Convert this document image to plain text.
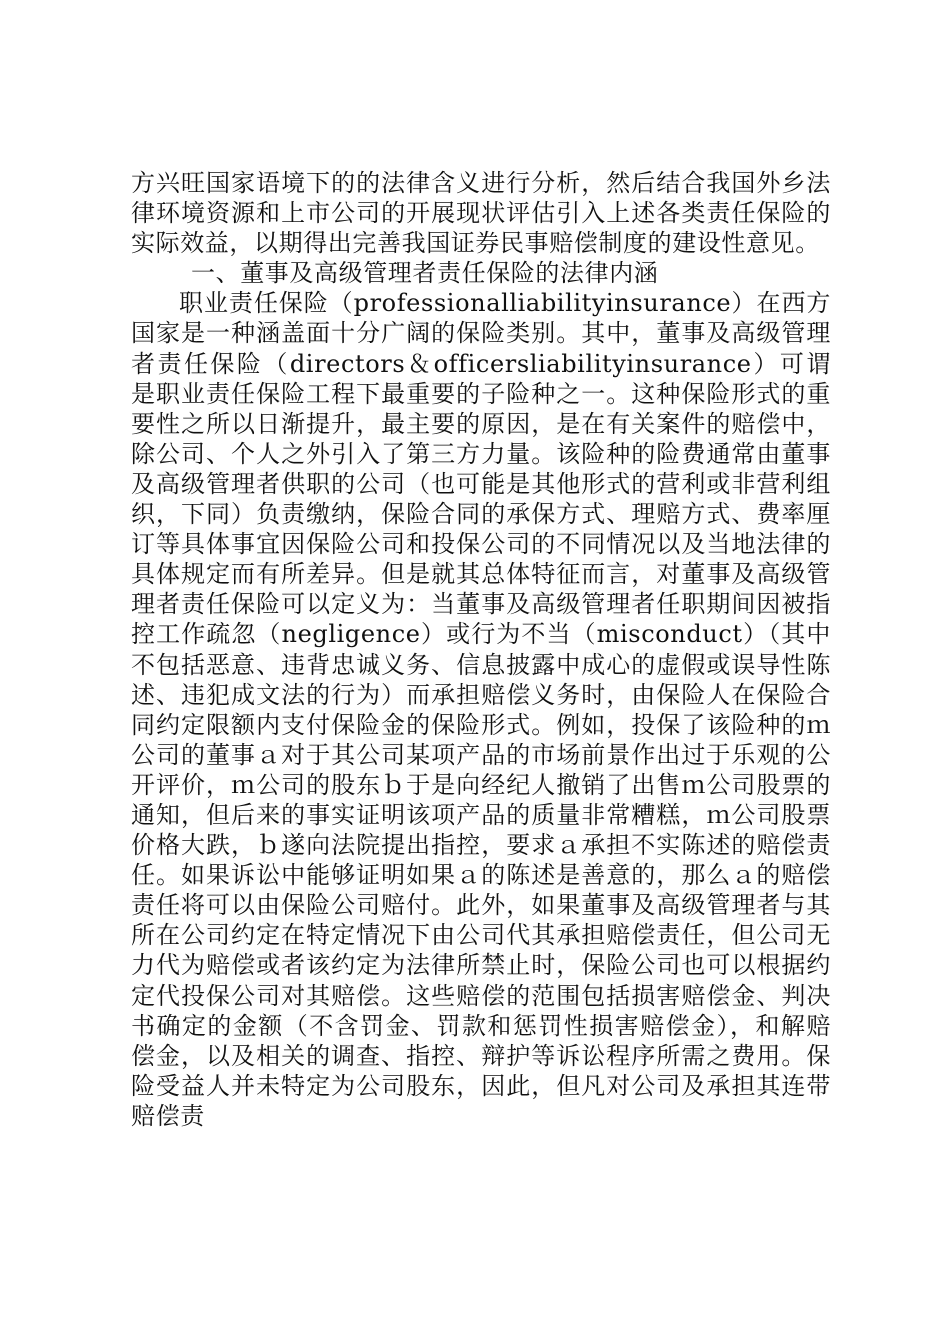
方兴旺国家语境下的的法律含义进行分析，然后结合我国外乡法律环境资源和上市公司的开展现状评估引入上述各类责任保险的实际效益，以期得出完善我国证券民事赔偿制度的建设性意见。

一、董事及高级管理者责任保险的法律内涵

职业责任保险（professionalliabilityinsurance）在西方国家是一种涵盖面十分广阔的保险类别。其中，董事及高级管理者责任保险（directors＆officersliabilityinsurance）可谓是职业责任保险工程下最重要的子险种之一。这种保险形式的重要性之所以日渐提升，最主要的原因，是在有关案件的赔偿中，除公司、个人之外引入了第三方力量。该险种的险费通常由董事及高级管理者供职的公司（也可能是其他形式的营利或非营利组织，下同）负责缴纳，保险合同的承保方式、理赔方式、费率厘订等具体事宜因保险公司和投保公司的不同情况以及当地法律的具体规定而有所差异。但是就其总体特征而言，对董事及高级管理者责任保险可以定义为：当董事及高级管理者任职期间因被指控工作疏忽（negligence）或行为不当（misconduct）（其中不包括恶意、违背忠诚义务、信息披露中成心的虚假或误导性陈述、违犯成文法的行为）而承担赔偿义务时，由保险人在保险合同约定限额内支付保险金的保险形式。例如，投保了该险种的ｍ公司的董事ａ对于其公司某项产品的市场前景作出过于乐观的公开评价，ｍ公司的股东ｂ于是向经纪人撤销了出售ｍ公司股票的通知，但后来的事实证明该项产品的质量非常糟糕，ｍ公司股票价格大跌，ｂ遂向法院提出指控，要求ａ承担不实陈述的赔偿责任。如果诉讼中能够证明如果ａ的陈述是善意的，那么ａ的赔偿责任将可以由保险公司赔付。此外，如果董事及高级管理者与其所在公司约定在特定情况下由公司代其承担赔偿责任，但公司无力代为赔偿或者该约定为法律所禁止时，保险公司也可以根据约定代投保公司对其赔偿。这些赔偿的范围包括损害赔偿金、判决书确定的金额（不含罚金、罚款和惩罚性损害赔偿金），和解赔偿金，以及相关的调查、指控、辩护等诉讼程序所需之费用。保险受益人并未特定为公司股东，因此，但凡对公司及承担其连带赔偿责
